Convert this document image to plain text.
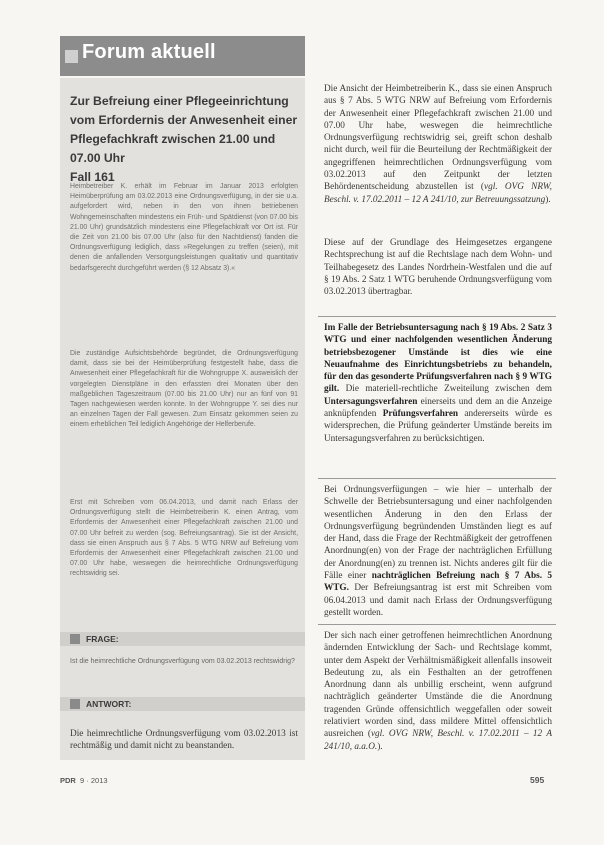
Forum aktuell
Zur Befreiung einer Pflegeeinrichtung vom Erfordernis der Anwesenheit einer Pflegefachkraft zwischen 21.00 und 07.00 Uhr
Fall 161

Heimbetreiber K. erhält im Februar im Januar 2013 erfolgten Heimüberprüfung am 03.02.2013 eine Ordnungsverfügung, in der sie u.a. aufgefordert wird, neben in den von ihnen betriebenen Wohngemeinschaften mindestens ein Früh- und Spätdienst (von 07.00 bis 21.00 Uhr) grundsätzlich mindestens eine Pflegefachkraft vor Ort ist. Für die Zeit von 21.00 bis 07.00 Uhr (also für den Nachtdienst) fanden die Ordnungsverfügung lediglich, dass »Regelungen zu treffen (seien), mit denen die anfallenden Versorgungsleistungen qualitativ und quantitativ bedarfsgerecht durchgeführt werden (§ 12 Absatz 3).«

Die zuständige Aufsichtsbehörde begründet, die Ordnungsverfügung damit, dass sie bei der Heimüberprüfung festgestellt habe, dass die Anwesenheit einer Pflegefachkraft für die Wohngruppe X. ausweislich der vorgelegten Dienstpläne in den erfassten drei Monaten über den maßgeblichen Tageszeitraum (07.00 bis 21.00 Uhr) nur an fünf von 91 Tagen nachgewiesen werden konnte. In der Wohngruppe Y. sei dies nur an einzelnen Tagen der Fall gewesen. Zum Einsatz gekommen seien zu einem erheblichen Teil lediglich Angehörige der Helferberufe.

Erst mit Schreiben vom 06.04.2013, und damit nach Erlass der Ordnungsverfügung stellt die Heimbetreiberin K. einen Antrag, vom Erfordernis der Anwesenheit einer Pflegefachkraft zwischen 21.00 und 07.00 Uhr befreit zu werden (sog. Befreiungsantrag). Sie ist der Ansicht, dass sie einen Anspruch aus § 7 Abs. 5 WTG NRW auf Befreiung vom Erfordernis der Anwesenheit einer Pflegefachkraft zwischen 21.00 und 07.00 Uhr habe, weswegen die heimrechtliche Ordnungsverfügung rechtswidrig sei.

FRAGE:

Ist die heimrechtliche Ordnungsverfügung vom 03.02.2013 rechtswidrig?

ANTWORT:

Die heimrechtliche Ordnungsverfügung vom 03.02.2013 ist rechtmäßig und damit nicht zu beanstanden.

Die Ansicht der Heimbetreiberin K., dass sie einen Anspruch aus § 7 Abs. 5 WTG NRW auf Befreiung vom Erfordernis der Anwesenheit einer Pflegefachkraft zwischen 21.00 und 07.00 Uhr habe, weswegen die heimrechtliche Ordnungsverfügung rechtswidrig sei, greift schon deshalb nicht durch, weil für die Beurteilung der Rechtmäßigkeit der angegriffenen heimrechtlichen Ordnungsverfügung vom 03.02.2013 auf den Zeitpunkt der letzten Behördenentscheidung abzustellen ist (vgl. OVG NRW, Beschl. v. 17.02.2011 – 12 A 241/10, zur Betreuungssatzung).

Diese auf der Grundlage des Heimgesetzes ergangene Rechtsprechung ist auf die Rechtslage nach dem Wohn- und Teilhabegesetz des Landes Nordrhein-Westfalen und die auf § 19 Abs. 2 Satz 1 WTG beruhende Ordnungsverfügung vom 03.02.2013 übertragbar.

Im Falle der Betriebsuntersagung nach § 19 Abs. 2 Satz 3 WTG und einer nachfolgenden wesentlichen Änderung betriebsbezogener Umstände ist dies wie eine Neuaufnahme des Einrichtungsbetriebs zu behandeln, für den das gesonderte Prüfungsverfahren nach § 9 WTG gilt. Die materiell-rechtliche Zweiteilung zwischen dem Untersagungsverfahren einerseits und dem an die Anzeige anknüpfenden Prüfungsverfahren andererseits würde es widersprechen, die Prüfung geänderter Umstände bereits im Untersagungsverfahren zu berücksichtigen.

Bei Ordnungsverfügungen – wie hier – unterhalb der Schwelle der Betriebsuntersagung und einer nachfolgenden wesentlichen Änderung in den den Erlass der Ordnungsverfügung begründenden Umständen liegt es auf der Hand, dass die Frage der Rechtmäßigkeit der getroffenen Anordnung(en) von der Frage der nachträglichen Erfüllung der Anordnung(en) zu trennen ist. Nichts anderes gilt für die Fälle einer nachträglichen Befreiung nach § 7 Abs. 5 WTG. Der Befreiungsantrag ist erst mit Schreiben vom 06.04.2013 und damit nach Erlass der Ordnungsverfügung gestellt worden.

Der sich nach einer getroffenen heimrechtlichen Anordnung ändernden Entwicklung der Sach- und Rechtslage kommt, unter dem Aspekt der Verhältnismäßigkeit allenfalls insoweit Bedeutung zu, als ein Festhalten an der getroffenen Anordnung dann als unbillig erscheint, wenn aufgrund nachträglich geänderter Umstände die die Anordnung tragenden Gründe offensichtlich weggefallen oder soweit relativiert worden sind, dass mildere Mittel offensichtlich ausreichen (vgl. OVG NRW, Beschl. v. 17.02.2011 – 12 A 241/10, a.a.O.).

PDR 9 · 2013	595
